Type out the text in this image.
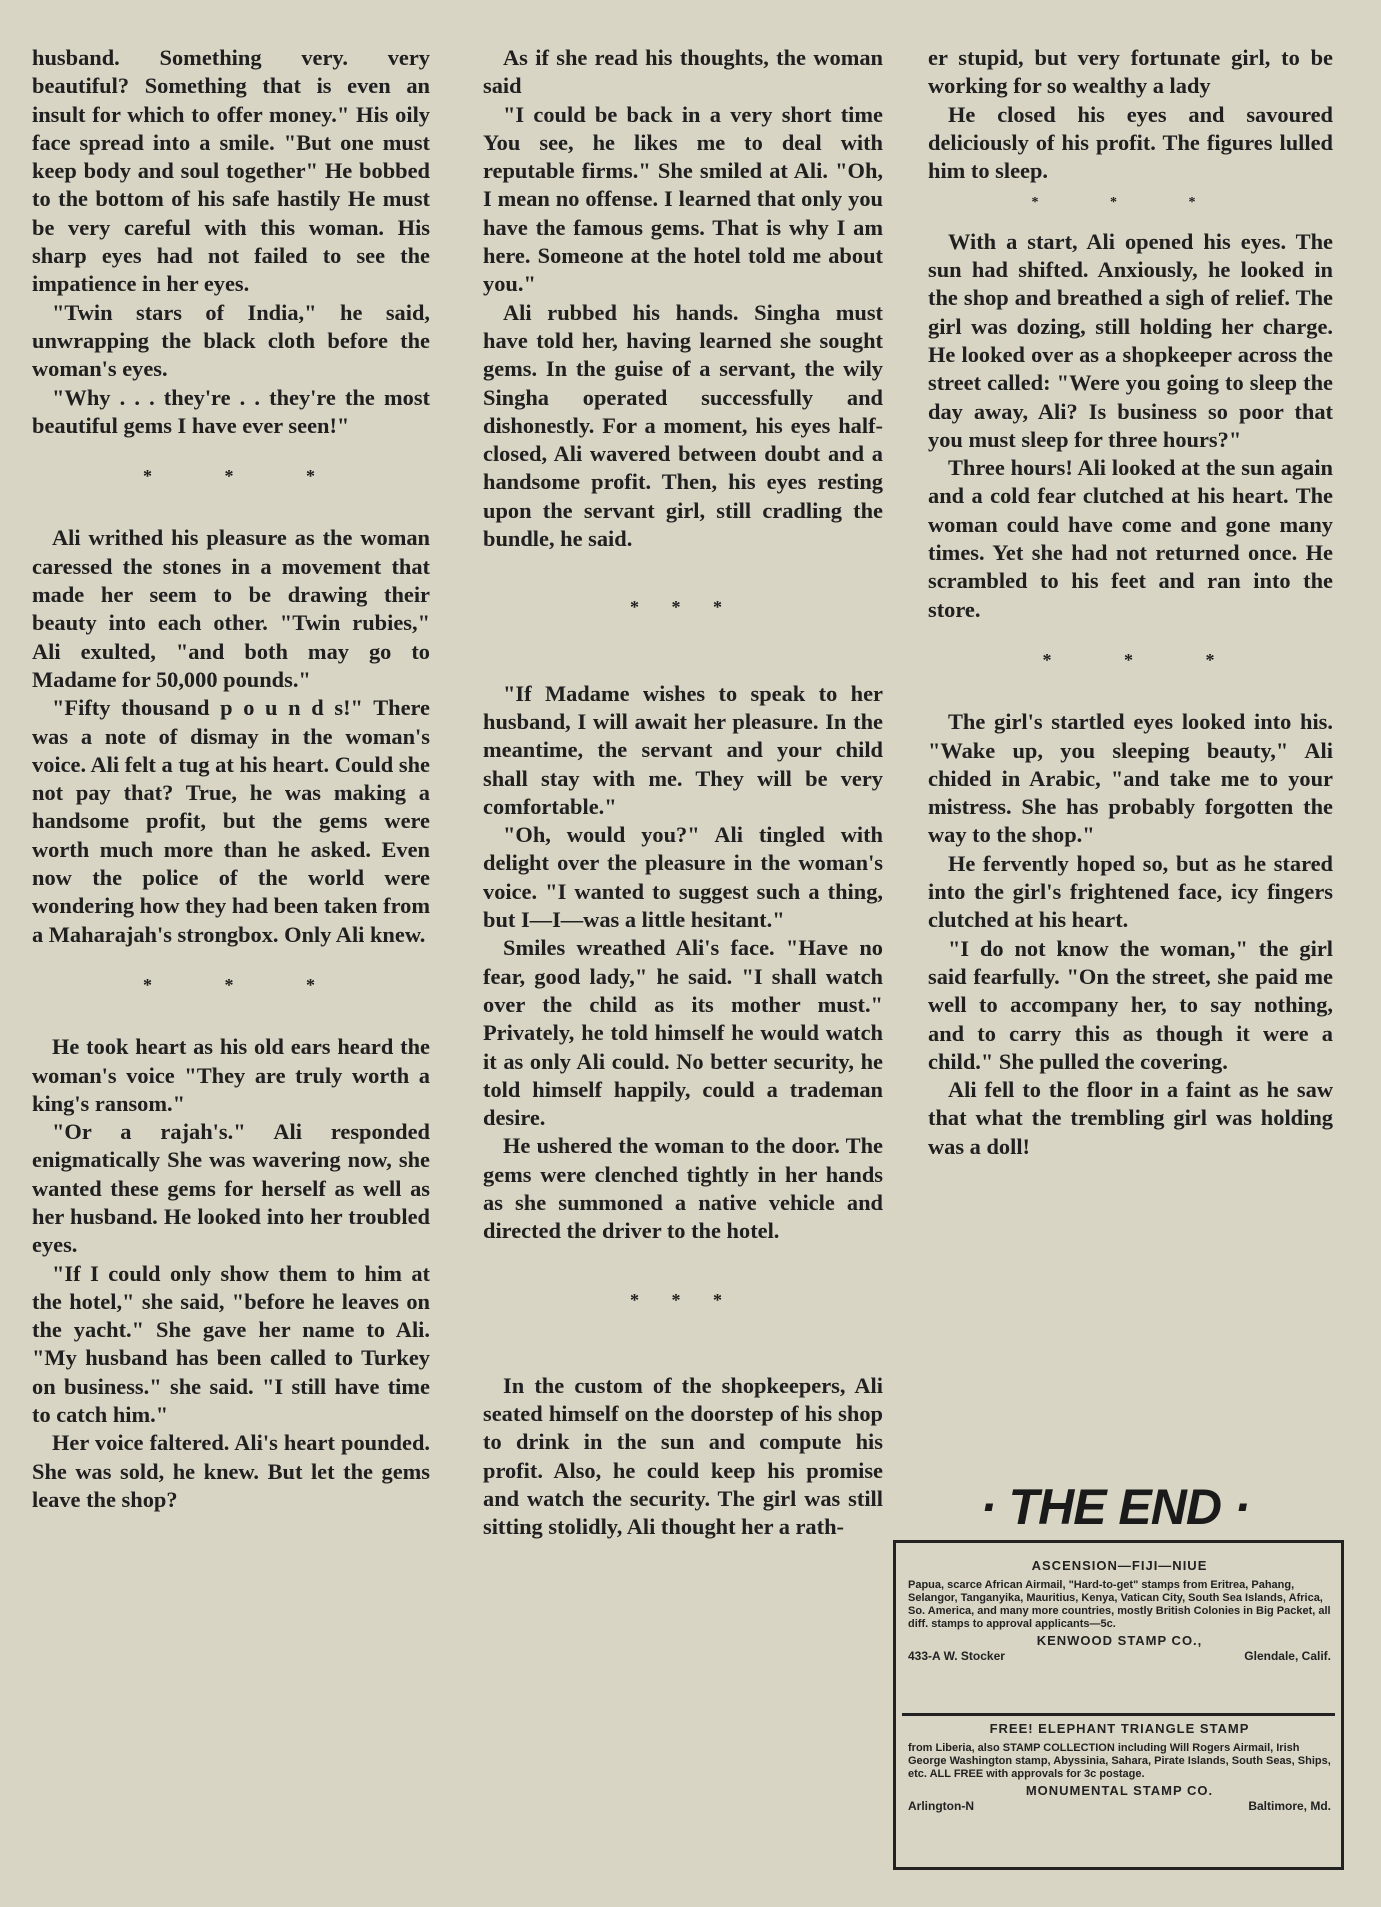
husband. Something very. very beautiful? Something that is even an insult for which to offer money." His oily face spread into a smile. "But one must keep body and soul together" He bobbed to the bottom of his safe hastily He must be very careful with this woman. His sharp eyes had not failed to see the impatience in her eyes.

"Twin stars of India," he said, unwrapping the black cloth before the woman's eyes.

"Why . . . they're . . they're the most beautiful gems I have ever seen!"

* * *

Ali writhed his pleasure as the woman caressed the stones in a movement that made her seem to be drawing their beauty into each other. "Twin rubies," Ali exulted, "and both may go to Madame for 50,000 pounds."

"Fifty thousand p o u n d s!" There was a note of dismay in the woman's voice. Ali felt a tug at his heart. Could she not pay that? True, he was making a handsome profit, but the gems were worth much more than he asked. Even now the police of the world were wondering how they had been taken from a Maharajah's strongbox. Only Ali knew.

* * *

He took heart as his old ears heard the woman's voice "They are truly worth a king's ransom."

"Or a rajah's." Ali responded enigmatically She was wavering now, she wanted these gems for herself as well as her husband. He looked into her troubled eyes.

"If I could only show them to him at the hotel," she said, "before he leaves on the yacht." She gave her name to Ali. "My husband has been called to Turkey on business." she said. "I still have time to catch him."

Her voice faltered. Ali's heart pounded. She was sold, he knew. But let the gems leave the shop?

As if she read his thoughts, the woman said

"I could be back in a very short time You see, he likes me to deal with reputable firms." She smiled at Ali. "Oh, I mean no offense. I learned that only you have the famous gems. That is why I am here. Someone at the hotel told me about you."

Ali rubbed his hands. Singha must have told her, having learned she sought gems. In the guise of a servant, the wily Singha operated successfully and dishonestly. For a moment, his eyes half-closed, Ali wavered between doubt and a handsome profit. Then, his eyes resting upon the servant girl, still cradling the bundle, he said.

* * *

"If Madame wishes to speak to her husband, I will await her pleasure. In the meantime, the servant and your child shall stay with me. They will be very comfortable."

"Oh, would you?" Ali tingled with delight over the pleasure in the woman's voice. "I wanted to suggest such a thing, but I—I—was a little hesitant."

Smiles wreathed Ali's face. "Have no fear, good lady," he said. "I shall watch over the child as its mother must." Privately, he told himself he would watch it as only Ali could. No better security, he told himself happily, could a trademan desire.

He ushered the woman to the door. The gems were clenched tightly in her hands as she summoned a native vehicle and directed the driver to the hotel.

* * *

In the custom of the shopkeepers, Ali seated himself on the doorstep of his shop to drink in the sun and compute his profit. Also, he could keep his promise and watch the security. The girl was still sitting stolidly, Ali thought her a rath-

er stupid, but very fortunate girl, to be working for so wealthy a lady

He closed his eyes and savoured deliciously of his profit. The figures lulled him to sleep.

* * *

With a start, Ali opened his eyes. The sun had shifted. Anxiously, he looked in the shop and breathed a sigh of relief. The girl was dozing, still holding her charge. He looked over as a shopkeeper across the street called: "Were you going to sleep the day away, Ali? Is business so poor that you must sleep for three hours?"

Three hours! Ali looked at the sun again and a cold fear clutched at his heart. The woman could have come and gone many times. Yet she had not returned once. He scrambled to his feet and ran into the store.

* * *

The girl's startled eyes looked into his. "Wake up, you sleeping beauty," Ali chided in Arabic, "and take me to your mistress. She has probably forgotten the way to the shop."

He fervently hoped so, but as he stared into the girl's frightened face, icy fingers clutched at his heart.

"I do not know the woman," the girl said fearfully. "On the street, she paid me well to accompany her, to say nothing, and to carry this as though it were a child." She pulled the covering.

Ali fell to the floor in a faint as he saw that what the trembling girl was holding was a doll!

· THE END ·
ASCENSION—FIJI—NIUE
Papua, scarce African Airmail, "Hard-to-get" stamps from Eritrea, Pahang, Selangor, Tanganyika, Mauritius, Kenya, Vatican City, South Sea Islands, Africa, So. America, and many more countries, mostly British Colonies in Big Packet, all diff. stamps to approval applicants—5c.
KENWOOD STAMP CO.,
433-A W. Stocker	Glendale, Calif.
FREE! ELEPHANT TRIANGLE STAMP
from Liberia, also STAMP COLLECTION including Will Rogers Airmail, Irish George Washington stamp, Abyssinia, Sahara, Pirate Islands, South Seas, Ships, etc. ALL FREE with approvals for 3c postage.
MONUMENTAL STAMP CO.
Arlington-N	Baltimore, Md.
